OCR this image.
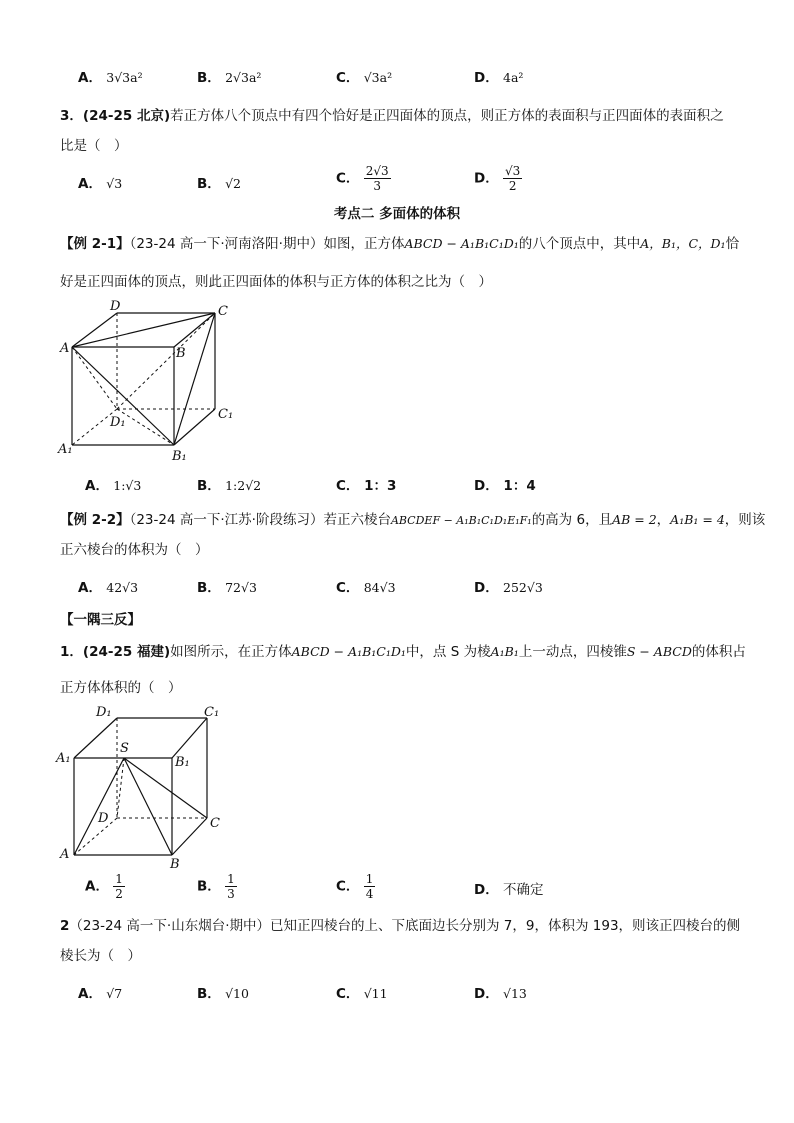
A． 3√3a²	B． 2√3a²	C． √3a²	D． 4a²
3．(24-25 北京)若正方体八个顶点中有四个恰好是正四面体的顶点，则正方体的表面积与正四面体的表面积之
比是（　）
A． √3	B． √2	C． $\frac{2√3}{3}$	D． $\frac{√3}{2}$
考点二 多面体的体积
【例 2-1】（23-24 高一下·河南洛阳·期中）如图，正方体ABCD − A₁B₁C₁D₁的八个顶点中，其中A，B₁，C，D₁恰
好是正四面体的顶点，则此正四面体的体积与正方体的体积之比为（　）
D	C
A	B
C₁
D₁
A₁	B₁
A． 1:√3	B． 1:2√2	C． 1：3	D． 1：4
【例 2-2】（23-24 高一下·江苏·阶段练习）若正六棱台ABCDEF − A₁B₁C₁D₁E₁F₁的高为 6，且AB = 2，A₁B₁ = 4，则该
正六棱台的体积为（　）
A． 42√3	B． 72√3	C． 84√3	D． 252√3
【一隅三反】
1．(24-25 福建)如图所示，在正方体ABCD − A₁B₁C₁D₁中，点 S 为棱A₁B₁上一动点，四棱锥S − ABCD的体积占
正方体体积的（　）
D₁	C₁
A₁
S
B₁
D	C
A
B
A． $\frac{1}{2}$	B． $\frac{1}{3}$	C． $\frac{1}{4}$	D． 不确定
2（23-24 高一下·山东烟台·期中）已知正四棱台的上、下底面边长分别为 7，9，体积为 193，则该正四棱台的侧
棱长为（　）
A． √7	B． √10	C． √11	D． √13
